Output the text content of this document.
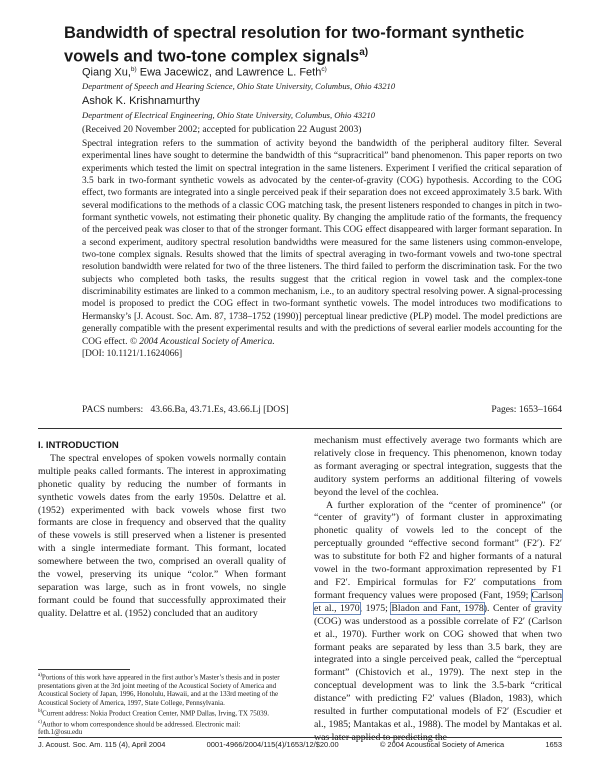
Bandwidth of spectral resolution for two-formant synthetic vowels and two-tone complex signals$^{a)}$
Qiang Xu,$^{b)}$ Ewa Jacewicz, and Lawrence L. Feth$^{c)}$
Department of Speech and Hearing Science, Ohio State University, Columbus, Ohio 43210
Ashok K. Krishnamurthy
Department of Electrical Engineering, Ohio State University, Columbus, Ohio 43210
(Received 20 November 2002; accepted for publication 22 August 2003)

Spectral integration refers to the summation of activity beyond the bandwidth of the peripheral auditory filter. Several experimental lines have sought to determine the bandwidth of this “supracritical” band phenomenon. This paper reports on two experiments which tested the limit on spectral integration in the same listeners. Experiment I verified the critical separation of 3.5 bark in two-formant synthetic vowels as advocated by the center-of-gravity (COG) hypothesis. According to the COG effect, two formants are integrated into a single perceived peak if their separation does not exceed approximately 3.5 bark. With several modifications to the methods of a classic COG matching task, the present listeners responded to changes in pitch in two-formant synthetic vowels, not estimating their phonetic quality. By changing the amplitude ratio of the formants, the frequency of the perceived peak was closer to that of the stronger formant. This COG effect disappeared with larger formant separation. In a second experiment, auditory spectral resolution bandwidths were measured for the same listeners using common-envelope, two-tone complex signals. Results showed that the limits of spectral averaging in two-formant vowels and two-tone spectral resolution bandwidth were related for two of the three listeners. The third failed to perform the discrimination task. For the two subjects who completed both tasks, the results suggest that the critical region in vowel task and the complex-tone discriminability estimates are linked to a common mechanism, i.e., to an auditory spectral resolving power. A signal-processing model is proposed to predict the COG effect in two-formant synthetic vowels. The model introduces two modifications to Hermansky’s [J. Acoust. Soc. Am. 87, 1738–1752 (1990)] perceptual linear predictive (PLP) model. The model predictions are generally compatible with the present experimental results and with the predictions of several earlier models accounting for the COG effect. © 2004 Acoustical Society of America.

[DOI: 10.1121/1.1624066]

PACS numbers: 43.66.Ba, 43.71.Es, 43.66.Lj [DOS]	Pages: 1653–1664

I. INTRODUCTION

The spectral envelopes of spoken vowels normally contain multiple peaks called formants. The interest in approximating phonetic quality by reducing the number of formants in synthetic vowels dates from the early 1950s. Delattre et al. (1952) experimented with back vowels whose first two formants are close in frequency and observed that the quality of these vowels is still preserved when a listener is presented with a single intermediate formant. This formant, located somewhere between the two, comprised an overall quality of the vowel, preserving its unique “color.” When formant separation was large, such as in front vowels, no single formant could be found that successfully approximated their quality. Delattre et al. (1952) concluded that an auditory

mechanism must effectively average two formants which are relatively close in frequency. This phenomenon, known today as formant averaging or spectral integration, suggests that the auditory system performs an additional filtering of vowels beyond the level of the cochlea.

A further exploration of the “center of prominence” (or “center of gravity”) of formant cluster in approximating phonetic quality of vowels led to the concept of the perceptually grounded “effective second formant” (F2′). F2′ was to substitute for both F2 and higher formants of a natural vowel in the two-formant approximation represented by F1 and F2′. Empirical formulas for F2′ computations from formant frequency values were proposed (Fant, 1959; Carlson et al., 1970, 1975; Bladon and Fant, 1978). Center of gravity (COG) was understood as a possible correlate of F2′ (Carlson et al., 1970). Further work on COG showed that when two formant peaks are separated by less than 3.5 bark, they are integrated into a single perceived peak, called the “perceptual formant” (Chistovich et al., 1979). The next step in the conceptual development was to link the 3.5-bark “critical distance” with predicting F2′ values (Bladon, 1983), which resulted in further computational models of F2′ (Escudier et al., 1985; Mantakas et al., 1988). The model by Mantakas et al. was later applied to predicting the

$^{a)}$Portions of this work have appeared in the first author’s Master’s thesis and in poster presentations given at the 3rd joint meeting of the Acoustical Society of America and Acoustical Society of Japan, 1996, Honolulu, Hawaii, and at the 133rd meeting of the Acoustical Society of America, 1997, State College, Pennsylvania.

$^{b)}$Current address: Nokia Product Creation Center, NMP Dallas, Irving, TX 75039.

$^{c)}$Author to whom correspondence should be addressed. Electronic mail: feth.1@osu.edu

J. Acoust. Soc. Am. 115 (4), April 2004	0001-4966/2004/115(4)/1653/12/$20.00	© 2004 Acoustical Society of America	1653
